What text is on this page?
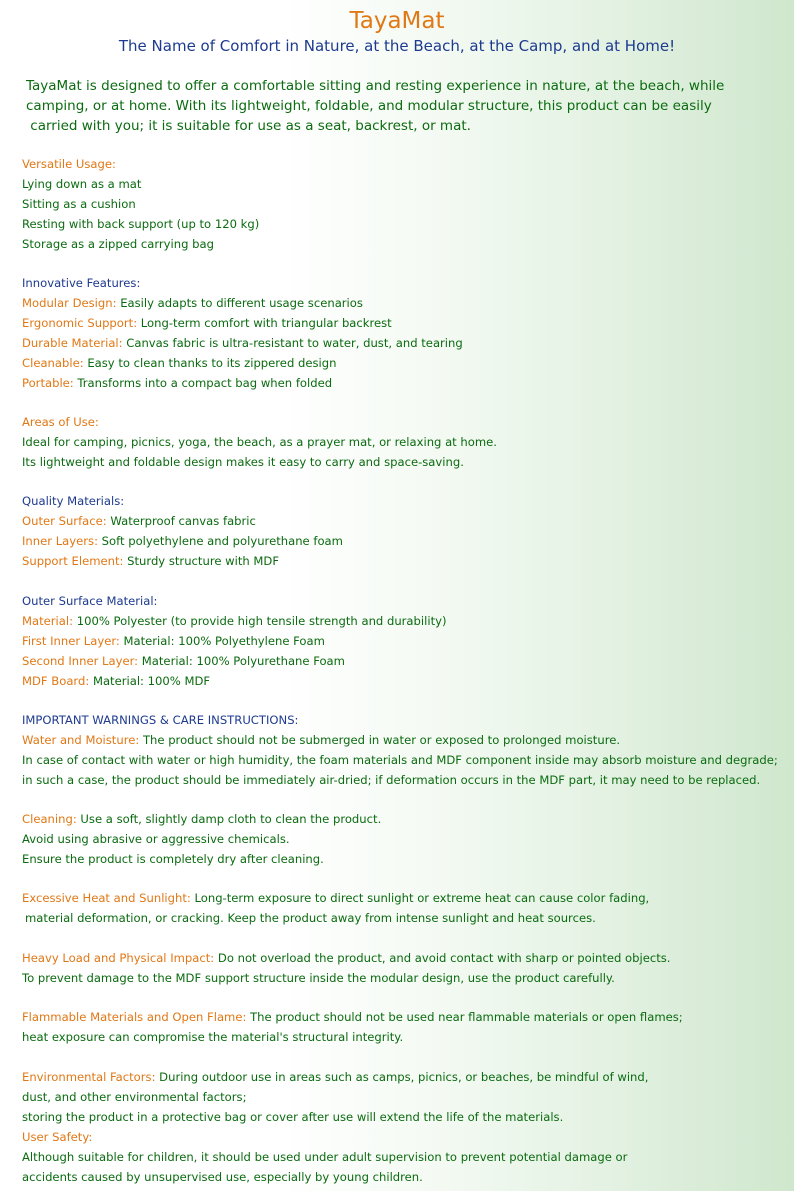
TayaMat
The Name of Comfort in Nature, at the Beach, at the Camp, and at Home!
TayaMat is designed to offer a comfortable sitting and resting experience in nature, at the beach, while
camping, or at home. With its lightweight, foldable, and modular structure, this product can be easily
carried with you; it is suitable for use as a seat, backrest, or mat.
Versatile Usage:
Lying down as a mat
Sitting as a cushion
Resting with back support (up to 120 kg)
Storage as a zipped carrying bag
Innovative Features:
Modular Design: Easily adapts to different usage scenarios
Ergonomic Support: Long-term comfort with triangular backrest
Durable Material: Canvas fabric is ultra-resistant to water, dust, and tearing
Cleanable: Easy to clean thanks to its zippered design
Portable: Transforms into a compact bag when folded
Areas of Use:
Ideal for camping, picnics, yoga, the beach, as a prayer mat, or relaxing at home.
Its lightweight and foldable design makes it easy to carry and space-saving.
Quality Materials:
Outer Surface: Waterproof canvas fabric
Inner Layers: Soft polyethylene and polyurethane foam
Support Element: Sturdy structure with MDF
Outer Surface Material:
Material: 100% Polyester (to provide high tensile strength and durability)
First Inner Layer: Material: 100% Polyethylene Foam
Second Inner Layer: Material: 100% Polyurethane Foam
MDF Board: Material: 100% MDF
IMPORTANT WARNINGS & CARE INSTRUCTIONS:
Water and Moisture: The product should not be submerged in water or exposed to prolonged moisture.
In case of contact with water or high humidity, the foam materials and MDF component inside may absorb moisture and degrade;
in such a case, the product should be immediately air-dried; if deformation occurs in the MDF part, it may need to be replaced.
Cleaning: Use a soft, slightly damp cloth to clean the product.
Avoid using abrasive or aggressive chemicals.
Ensure the product is completely dry after cleaning.
Excessive Heat and Sunlight: Long-term exposure to direct sunlight or extreme heat can cause color fading,
material deformation, or cracking. Keep the product away from intense sunlight and heat sources.
Heavy Load and Physical Impact: Do not overload the product, and avoid contact with sharp or pointed objects.
To prevent damage to the MDF support structure inside the modular design, use the product carefully.
Flammable Materials and Open Flame: The product should not be used near flammable materials or open flames;
heat exposure can compromise the material's structural integrity.
Environmental Factors: During outdoor use in areas such as camps, picnics, or beaches, be mindful of wind,
dust, and other environmental factors;
storing the product in a protective bag or cover after use will extend the life of the materials.
User Safety:
Although suitable for children, it should be used under adult supervision to prevent potential damage or
accidents caused by unsupervised use, especially by young children.
